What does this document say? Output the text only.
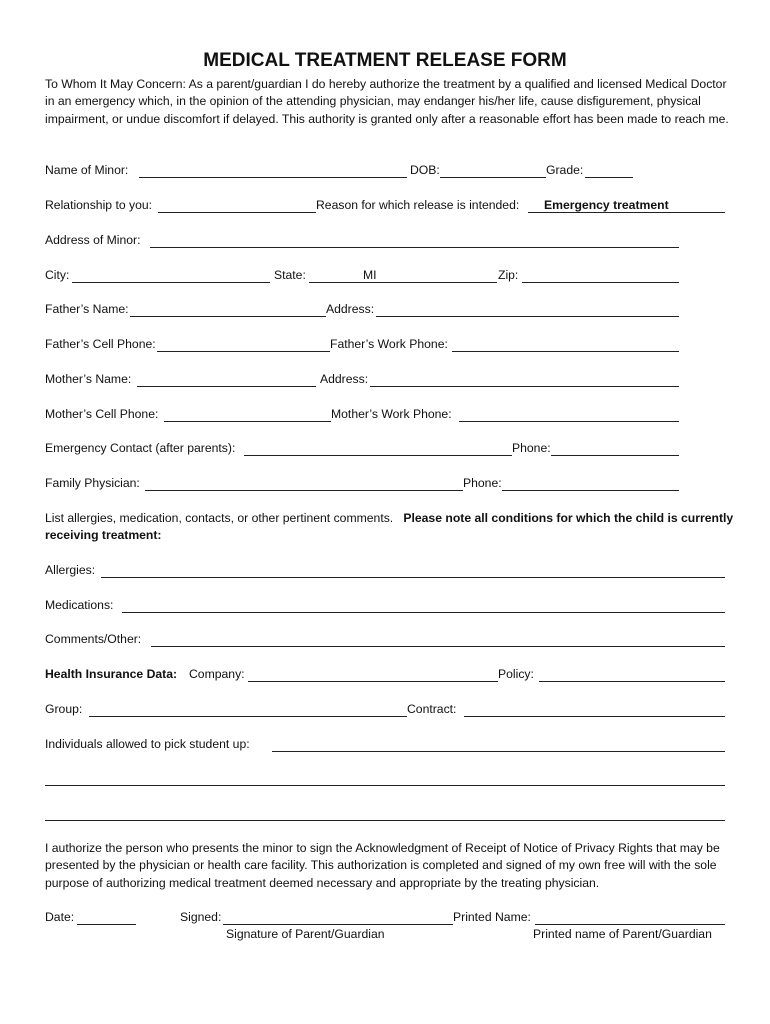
MEDICAL TREATMENT RELEASE FORM
To Whom It May Concern: As a parent/guardian I do hereby authorize the treatment by a qualified and licensed Medical Doctor in an emergency which, in the opinion of the attending physician, may endanger his/her life, cause disfigurement, physical impairment, or undue discomfort if delayed. This authority is granted only after a reasonable effort has been made to reach me.
Name of Minor:	DOB:	Grade:
Relationship to you:	Reason for which release is intended: Emergency treatment
Address of Minor:
City:	State:	MI	Zip:
Father’s Name:	Address:
Father’s Cell Phone:	Father’s Work Phone:
Mother’s Name:	Address:
Mother’s Cell Phone:	Mother’s Work Phone:
Emergency Contact (after parents):	Phone:
Family Physician:	Phone:
List allergies, medication, contacts, or other pertinent comments. Please note all conditions for which the child is currently receiving treatment:
Allergies:
Medications:
Comments/Other:
Health Insurance Data: Company:	Policy:
Group:	Contract:
Individuals allowed to pick student up:
I authorize the person who presents the minor to sign the Acknowledgment of Receipt of Notice of Privacy Rights that may be presented by the physician or health care facility. This authorization is completed and signed of my own free will with the sole purpose of authorizing medical treatment deemed necessary and appropriate by the treating physician.
Date:	Signed:	Printed Name:
Signature of Parent/Guardian	Printed name of Parent/Guardian
